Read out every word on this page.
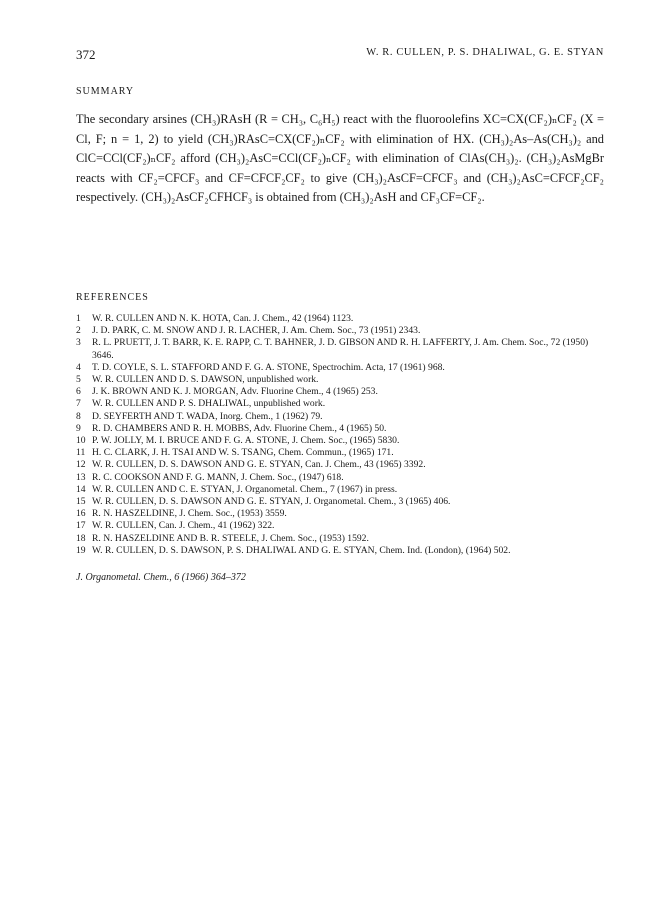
372	W. R. CULLEN, P. S. DHALIWAL, G. E. STYAN
SUMMARY

The secondary arsines (CH₃)RAsH (R = CH₃, C₆H₅) react with the fluoroolefins XC=CX(CF₂)ₙCF₂ (X = Cl, F; n = 1, 2) to yield (CH₃)RAsC=CX(CF₂)ₙCF₂ with elimination of HX. (CH₃)₂As–As(CH₃)₂ and ClC=CCl(CF₂)ₙCF₂ afford (CH₃)₂AsC=CCl(CF₂)ₙCF₂ with elimination of ClAs(CH₃)₂. (CH₃)₂AsMgBr reacts with CF₂=CFCF₃ and CF=CFCF₂CF₂ to give (CH₃)₂AsCF=CFCF₃ and (CH₃)₂AsC=CFCF₂CF₂ respectively. (CH₃)₂AsCF₂CFHCF₃ is obtained from (CH₃)₂AsH and CF₃CF=CF₂.

REFERENCES
1	W. R. CULLEN AND N. K. HOTA, Can. J. Chem., 42 (1964) 1123.
2	J. D. PARK, C. M. SNOW AND J. R. LACHER, J. Am. Chem. Soc., 73 (1951) 2343.
3	R. L. PRUETT, J. T. BARR, K. E. RAPP, C. T. BAHNER, J. D. GIBSON AND R. H. LAFFERTY, J. Am. Chem. Soc., 72 (1950) 3646.
4	T. D. COYLE, S. L. STAFFORD AND F. G. A. STONE, Spectrochim. Acta, 17 (1961) 968.
5	W. R. CULLEN AND D. S. DAWSON, unpublished work.
6	J. K. BROWN AND K. J. MORGAN, Adv. Fluorine Chem., 4 (1965) 253.
7	W. R. CULLEN AND P. S. DHALIWAL, unpublished work.
8	D. SEYFERTH AND T. WADA, Inorg. Chem., 1 (1962) 79.
9	R. D. CHAMBERS AND R. H. MOBBS, Adv. Fluorine Chem., 4 (1965) 50.
10 P. W. JOLLY, M. I. BRUCE AND F. G. A. STONE, J. Chem. Soc., (1965) 5830.
11 H. C. CLARK, J. H. TSAI AND W. S. TSANG, Chem. Commun., (1965) 171.
12 W. R. CULLEN, D. S. DAWSON AND G. E. STYAN, Can. J. Chem., 43 (1965) 3392.
13 R. C. COOKSON AND F. G. MANN, J. Chem. Soc., (1947) 618.
14 W. R. CULLEN AND C. E. STYAN, J. Organometal. Chem., 7 (1967) in press.
15 W. R. CULLEN, D. S. DAWSON AND G. E. STYAN, J. Organometal. Chem., 3 (1965) 406.
16 R. N. HASZELDINE, J. Chem. Soc., (1953) 3559.
17 W. R. CULLEN, Can. J. Chem., 41 (1962) 322.
18 R. N. HASZELDINE AND B. R. STEELE, J. Chem. Soc., (1953) 1592.
19 W. R. CULLEN, D. S. DAWSON, P. S. DHALIWAL AND G. E. STYAN, Chem. Ind. (London), (1964) 502.
J. Organometal. Chem., 6 (1966) 364–372
